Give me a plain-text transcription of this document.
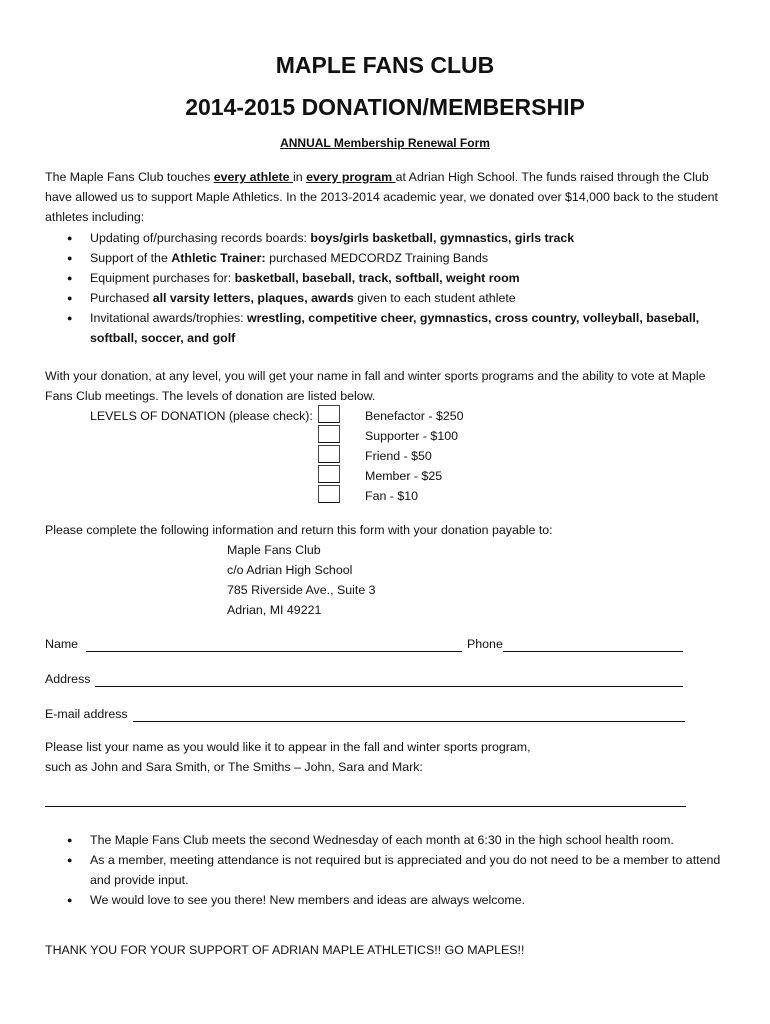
MAPLE FANS CLUB
2014-2015 DONATION/MEMBERSHIP
ANNUAL Membership Renewal Form
The Maple Fans Club touches every athlete in every program at Adrian High School. The funds raised through the Club have allowed us to support Maple Athletics. In the 2013-2014 academic year, we donated over $14,000 back to the student athletes including:
● Updating of/purchasing records boards: boys/girls basketball, gymnastics, girls track
● Support of the Athletic Trainer: purchased MEDCORDZ Training Bands
● Equipment purchases for: basketball, baseball, track, softball, weight room
● Purchased all varsity letters, plaques, awards given to each student athlete
● Invitational awards/trophies: wrestling, competitive cheer, gymnastics, cross country, volleyball, baseball, softball, soccer, and golf
With your donation, at any level, you will get your name in fall and winter sports programs and the ability to vote at Maple Fans Club meetings. The levels of donation are listed below.
LEVELS OF DONATION (please check):	Benefactor - $250
Supporter - $100
Friend - $50
Member - $25
Fan - $10
Please complete the following information and return this form with your donation payable to:
Maple Fans Club
c/o Adrian High School
785 Riverside Ave., Suite 3
Adrian, MI 49221
Name	Phone
Address
E-mail address
Please list your name as you would like it to appear in the fall and winter sports program,
such as John and Sara Smith, or The Smiths – John, Sara and Mark:
● The Maple Fans Club meets the second Wednesday of each month at 6:30 in the high school health room.
● As a member, meeting attendance is not required but is appreciated and you do not need to be a member to attend and provide input.
● We would love to see you there! New members and ideas are always welcome.
THANK YOU FOR YOUR SUPPORT OF ADRIAN MAPLE ATHLETICS!! GO MAPLES!!
